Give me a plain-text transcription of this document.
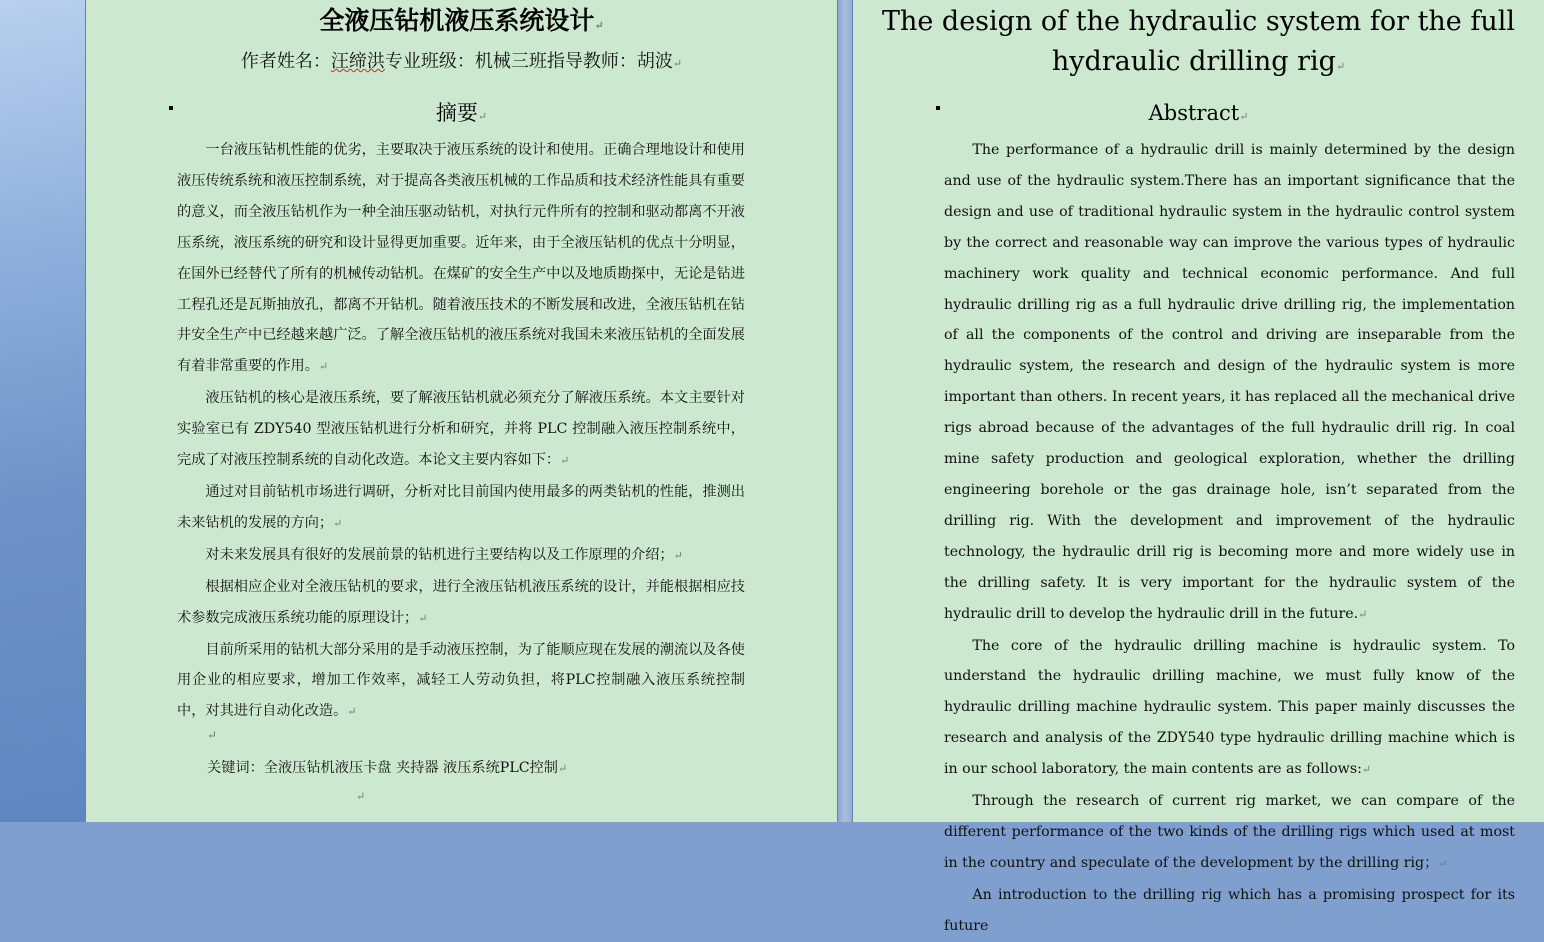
全液压钻机液压系统设计↵
作者姓名：汪缔洪专业班级：机械三班指导教师：胡波↵
摘要↵

一台液压钻机性能的优劣，主要取决于液压系统的设计和使用。正确合理地设计和使用液压传统系统和液压控制系统，对于提高各类液压机械的工作品质和技术经济性能具有重要的意义，而全液压钻机作为一种全油压驱动钻机，对执行元件所有的控制和驱动都离不开液压系统，液压系统的研究和设计显得更加重要。近年来，由于全液压钻机的优点十分明显，在国外已经替代了所有的机械传动钻机。在煤矿的安全生产中以及地质勘探中，无论是钻进工程孔还是瓦斯抽放孔，都离不开钻机。随着液压技术的不断发展和改进，全液压钻机在钻井安全生产中已经越来越广泛。了解全液压钻机的液压系统对我国未来液压钻机的全面发展有着非常重要的作用。↵

液压钻机的核心是液压系统，要了解液压钻机就必须充分了解液压系统。本文主要针对实验室已有 ZDY540 型液压钻机进行分析和研究，并将 PLC 控制融入液压控制系统中，完成了对液压控制系统的自动化改造。本论文主要内容如下：↵

通过对目前钻机市场进行调研，分析对比目前国内使用最多的两类钻机的性能，推测出未来钻机的发展的方向；↵

对未来发展具有很好的发展前景的钻机进行主要结构以及工作原理的介绍；↵

根据相应企业对全液压钻机的要求，进行全液压钻机液压系统的设计，并能根据相应技术参数完成液压系统功能的原理设计；↵

目前所采用的钻机大部分采用的是手动液压控制，为了能顺应现在发展的潮流以及各使用企业的相应要求，增加工作效率，减轻工人劳动负担，将PLC控制融入液压系统控制中，对其进行自动化改造。↵

↵
关键词：全液压钻机液压卡盘 夹持器 液压系统PLC控制↵
↵
The design of the hydraulic system for the full hydraulic drilling rig↵
Abstract↵

The performance of a hydraulic drill is mainly determined by the design and use of the hydraulic system.There has an important significance that the design and use of traditional hydraulic system in the hydraulic control system by the correct and reasonable way can improve the various types of hydraulic machinery work quality and technical economic performance. And full hydraulic drilling rig as a full hydraulic drive drilling rig, the implementation of all the components of the control and driving are inseparable from the hydraulic system, the research and design of the hydraulic system is more important than others. In recent years, it has replaced all the mechanical drive rigs abroad because of the advantages of the full hydraulic drill rig. In coal mine safety production and geological exploration, whether the drilling engineering borehole or the gas drainage hole, isn’t separated from the drilling rig. With the development and improvement of the hydraulic technology, the hydraulic drill rig is becoming more and more widely use in the drilling safety. It is very important for the hydraulic system of the hydraulic drill to develop the hydraulic drill in the future.↵

The core of the hydraulic drilling machine is hydraulic system. To understand the hydraulic drilling machine, we must fully know of the hydraulic drilling machine hydraulic system. This paper mainly discusses the research and analysis of the ZDY540 type hydraulic drilling machine which is in our school laboratory, the main contents are as follows:↵

Through the research of current rig market, we can compare of the different performance of the two kinds of the drilling rigs which used at most in the country and speculate of the development by the drilling rig；↵

An introduction to the drilling rig which has a promising prospect for its future
